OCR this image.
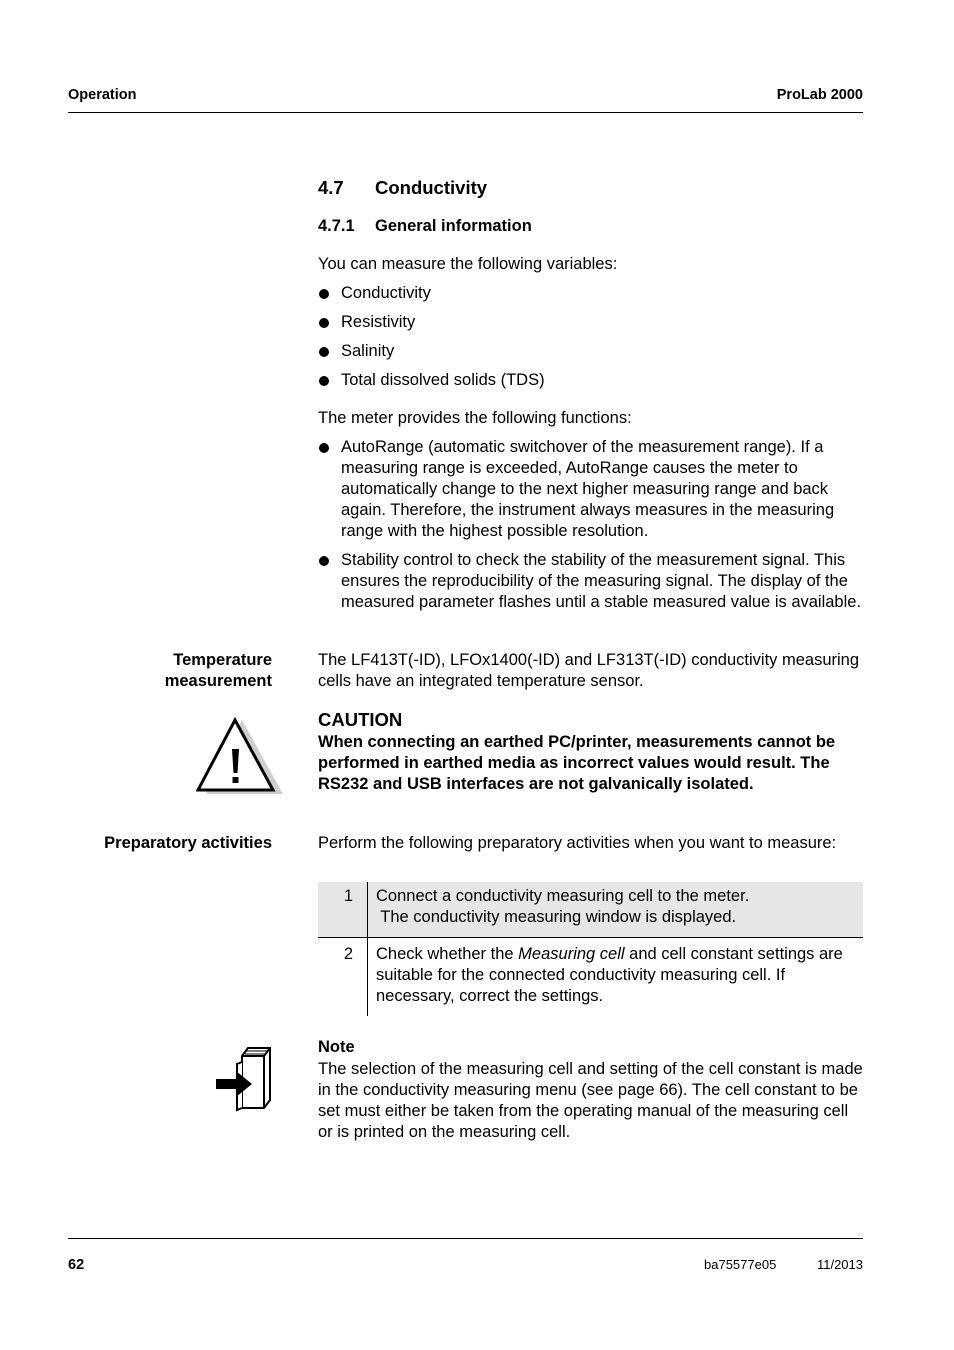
Operation	ProLab 2000
4.7 Conductivity
4.7.1 General information
You can measure the following variables:
Conductivity
Resistivity
Salinity
Total dissolved solids (TDS)
The meter provides the following functions:
AutoRange (automatic switchover of the measurement range). If a measuring range is exceeded, AutoRange causes the meter to automatically change to the next higher measuring range and back again. Therefore, the instrument always measures in the measuring range with the highest possible resolution.
Stability control to check the stability of the measurement signal. This ensures the reproducibility of the measuring signal. The display of the measured parameter flashes until a stable measured value is available.
Temperature
measurement
The LF413T(-ID), LFOx1400(-ID) and LF313T(-ID) conductivity measuring cells have an integrated temperature sensor.
CAUTION
When connecting an earthed PC/printer, measurements cannot be performed in earthed media as incorrect values would result. The RS232 and USB interfaces are not galvanically isolated.
Preparatory activities	Perform the following preparatory activities when you want to measure:
1	Connect a conductivity measuring cell to the meter.
The conductivity measuring window is displayed.

2	Check whether the Measuring cell and cell constant settings are suitable for the connected conductivity measuring cell. If necessary, correct the settings.
Note
The selection of the measuring cell and setting of the cell constant is made in the conductivity measuring menu (see page 66). The cell constant to be set must either be taken from the operating manual of the measuring cell or is printed on the measuring cell.
62	ba75577e05	11/2013
